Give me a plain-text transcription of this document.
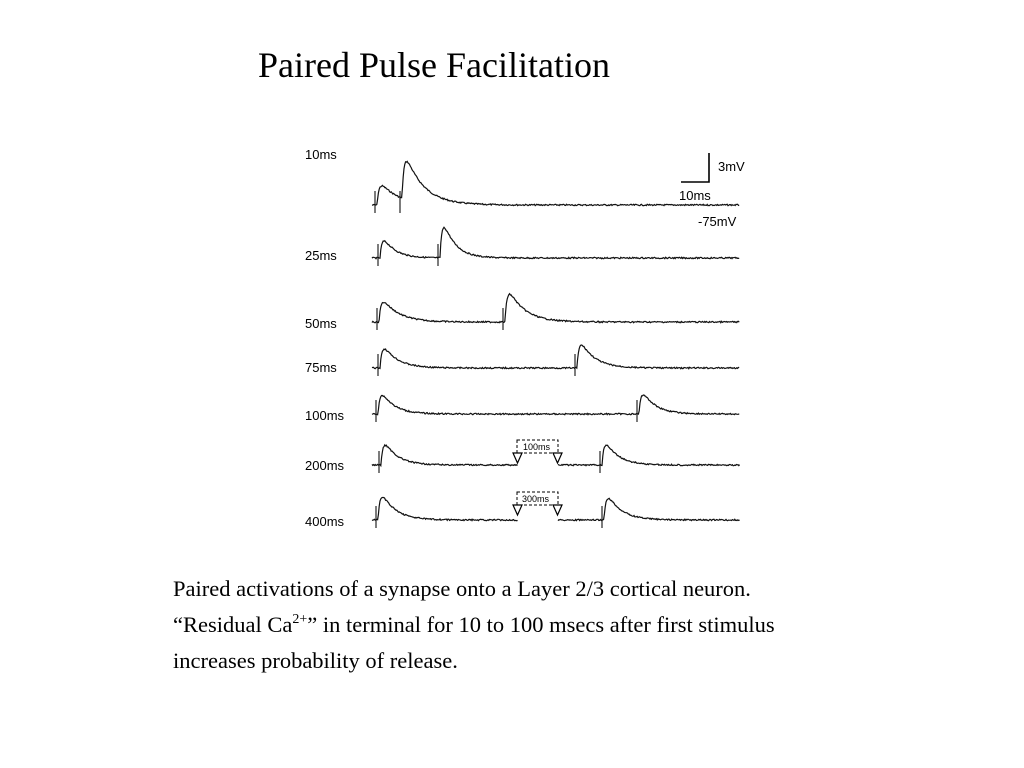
Paired Pulse Facilitation
10ms
25ms
50ms
75ms
100ms
200ms
400ms
3mV
10ms
-75mV
100ms
300ms
Paired activations of a synapse onto a Layer 2/3 cortical neuron.
“Residual $Ca^{2+}$” in terminal for 10 to 100 msecs after first stimulus
increases probability of release.
